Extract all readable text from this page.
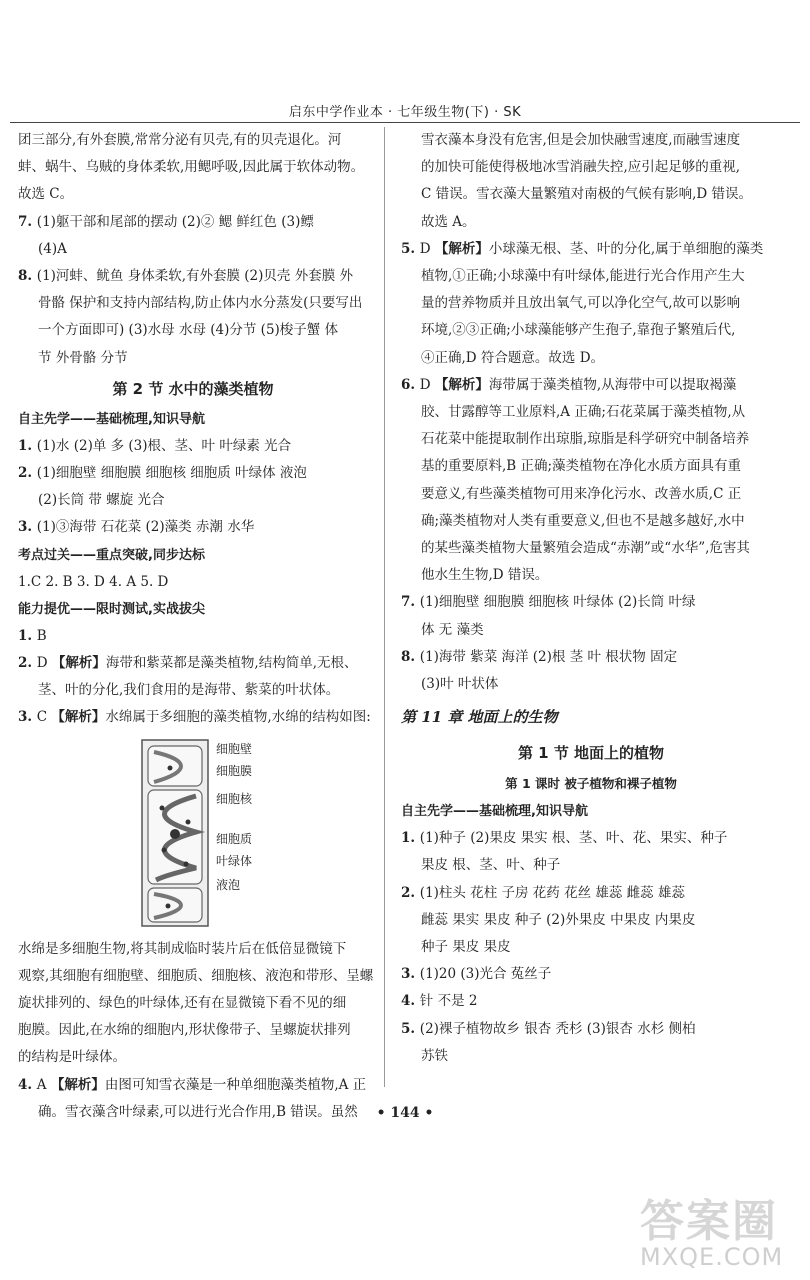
启东中学作业本 · 七年级生物(下) · SK
团三部分,有外套膜,常常分泌有贝壳,有的贝壳退化。河
蚌、蜗牛、乌贼的身体柔软,用鳃呼吸,因此属于软体动物。
故选 C。
7. (1)躯干部和尾部的摆动 (2)② 鳃 鲜红色 (3)鳔
(4)A
8. (1)河蚌、鱿鱼 身体柔软,有外套膜 (2)贝壳 外套膜 外
骨骼 保护和支持内部结构,防止体内水分蒸发(只要写出
一个方面即可) (3)水母 水母 (4)分节 (5)梭子蟹 体
节 外骨骼 分节
第 2 节 水中的藻类植物
自主先学——基础梳理,知识导航
1. (1)水 (2)单 多 (3)根、茎、叶 叶绿素 光合
2. (1)细胞壁 细胞膜 细胞核 细胞质 叶绿体 液泡
(2)长筒 带 螺旋 光合
3. (1)③海带 石花菜 (2)藻类 赤潮 水华
考点过关——重点突破,同步达标
1.C 2. B 3. D 4. A 5. D
能力提优——限时测试,实战拔尖
1. B
2. D 【解析】海带和紫菜都是藻类植物,结构简单,无根、
茎、叶的分化,我们食用的是海带、紫菜的叶状体。
3. C 【解析】水绵属于多细胞的藻类植物,水绵的结构如图:
细胞壁
细胞膜
细胞核
细胞质
叶绿体
液泡
水绵是多细胞生物,将其制成临时装片后在低倍显微镜下
观察,其细胞有细胞壁、细胞质、细胞核、液泡和带形、呈螺
旋状排列的、绿色的叶绿体,还有在显微镜下看不见的细
胞膜。因此,在水绵的细胞内,形状像带子、呈螺旋状排列
的结构是叶绿体。
4. A 【解析】由图可知雪衣藻是一种单细胞藻类植物,A 正
确。雪衣藻含叶绿素,可以进行光合作用,B 错误。虽然
雪衣藻本身没有危害,但是会加快融雪速度,而融雪速度
的加快可能使得极地冰雪消融失控,应引起足够的重视,
C 错误。雪衣藻大量繁殖对南极的气候有影响,D 错误。
故选 A。
5. D 【解析】小球藻无根、茎、叶的分化,属于单细胞的藻类
植物,①正确;小球藻中有叶绿体,能进行光合作用产生大
量的营养物质并且放出氧气,可以净化空气,故可以影响
环境,②③正确;小球藻能够产生孢子,靠孢子繁殖后代,
④正确,D 符合题意。故选 D。
6. D 【解析】海带属于藻类植物,从海带中可以提取褐藻
胶、甘露醇等工业原料,A 正确;石花菜属于藻类植物,从
石花菜中能提取制作出琼脂,琼脂是科学研究中制备培养
基的重要原料,B 正确;藻类植物在净化水质方面具有重
要意义,有些藻类植物可用来净化污水、改善水质,C 正
确;藻类植物对人类有重要意义,但也不是越多越好,水中
的某些藻类植物大量繁殖会造成“赤潮”或“水华”,危害其
他水生生物,D 错误。
7. (1)细胞壁 细胞膜 细胞核 叶绿体 (2)长筒 叶绿
体 无 藻类
8. (1)海带 紫菜 海洋 (2)根 茎 叶 根状物 固定
(3)叶 叶状体
第 11 章 地面上的生物
第 1 节 地面上的植物
第 1 课时 被子植物和裸子植物
自主先学——基础梳理,知识导航
1. (1)种子 (2)果皮 果实 根、茎、叶、花、果实、种子
果皮 根、茎、叶、种子
2. (1)柱头 花柱 子房 花药 花丝 雄蕊 雌蕊 雄蕊
雌蕊 果实 果皮 种子 (2)外果皮 中果皮 内果皮
种子 果皮 果皮
3. (1)20 (3)光合 菟丝子
4. 针 不是 2
5. (2)裸子植物故乡 银杏 秃杉 (3)银杏 水杉 侧柏
苏铁
• 144 •
答案圈
MXQE.COM
